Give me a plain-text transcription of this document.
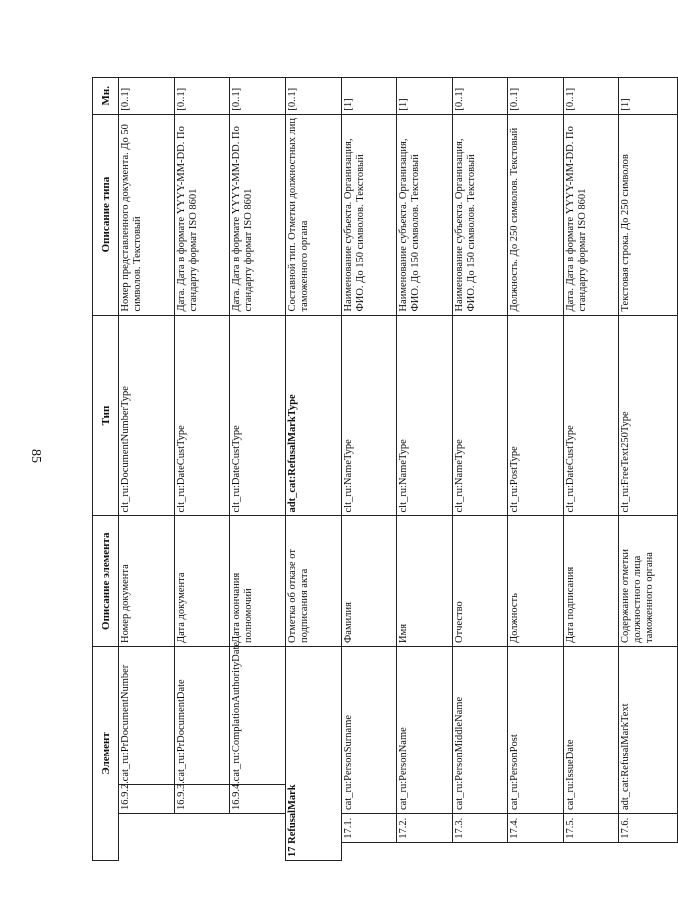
85
Элемент				Описание элемента	Тип	Описание типа	Мн.
		16.9.2.	cat_ru:PrDocumentNumber	Номер документа	clt_ru:DocumentNumberType	Номер представленного документа. До 50 символов. Текстовый	[0..1]
		16.9.3.	cat_ru:PrDocumentDate	Дата документа	clt_ru:DateCustType	Дата. Дата в формате YYYY-MM-DD. По стандарту формат ISO 8601	[0..1]
		16.9.4.	cat_ru:ComplationAuthorityDate	Дата окончания полномочий	clt_ru:DateCustType	Дата. Дата в формате YYYY-MM-DD. По стандарту формат ISO 8601	[0..1]
17 RefusalMark				Отметка об отказе от подписания акта	adt_cat:RefusalMarkType	Составной тип. Отметки должностных лиц таможенного органа	[0..1]
	17.1.	cat_ru:PersonSurname		Фамилия	clt_ru:NameType	Наименование субъекта. Организация, ФИО. До 150 символов. Текстовый	[1]
	17.2.	cat_ru:PersonName		Имя	clt_ru:NameType	Наименование субъекта. Организация, ФИО. До 150 символов. Текстовый	[1]
	17.3.	cat_ru:PersonMiddleName		Отчество	clt_ru:NameType	Наименование субъекта. Организация, ФИО. До 150 символов. Текстовый	[0..1]
	17.4.	cat_ru:PersonPost		Должность	clt_ru:PostType	Должность. До 250 символов. Текстовый	[0..1]
	17.5.	cat_ru:IssueDate		Дата подписания	clt_ru:DateCustType	Дата. Дата в формате YYYY-MM-DD. По стандарту формат ISO 8601	[0..1]
	17.6.	adt_cat:RefusalMarkText		Содержание отметки должностного лица таможенного органа	clt_ru:FreeText250Type	Текстовая строка. До 250 символов	[1]
